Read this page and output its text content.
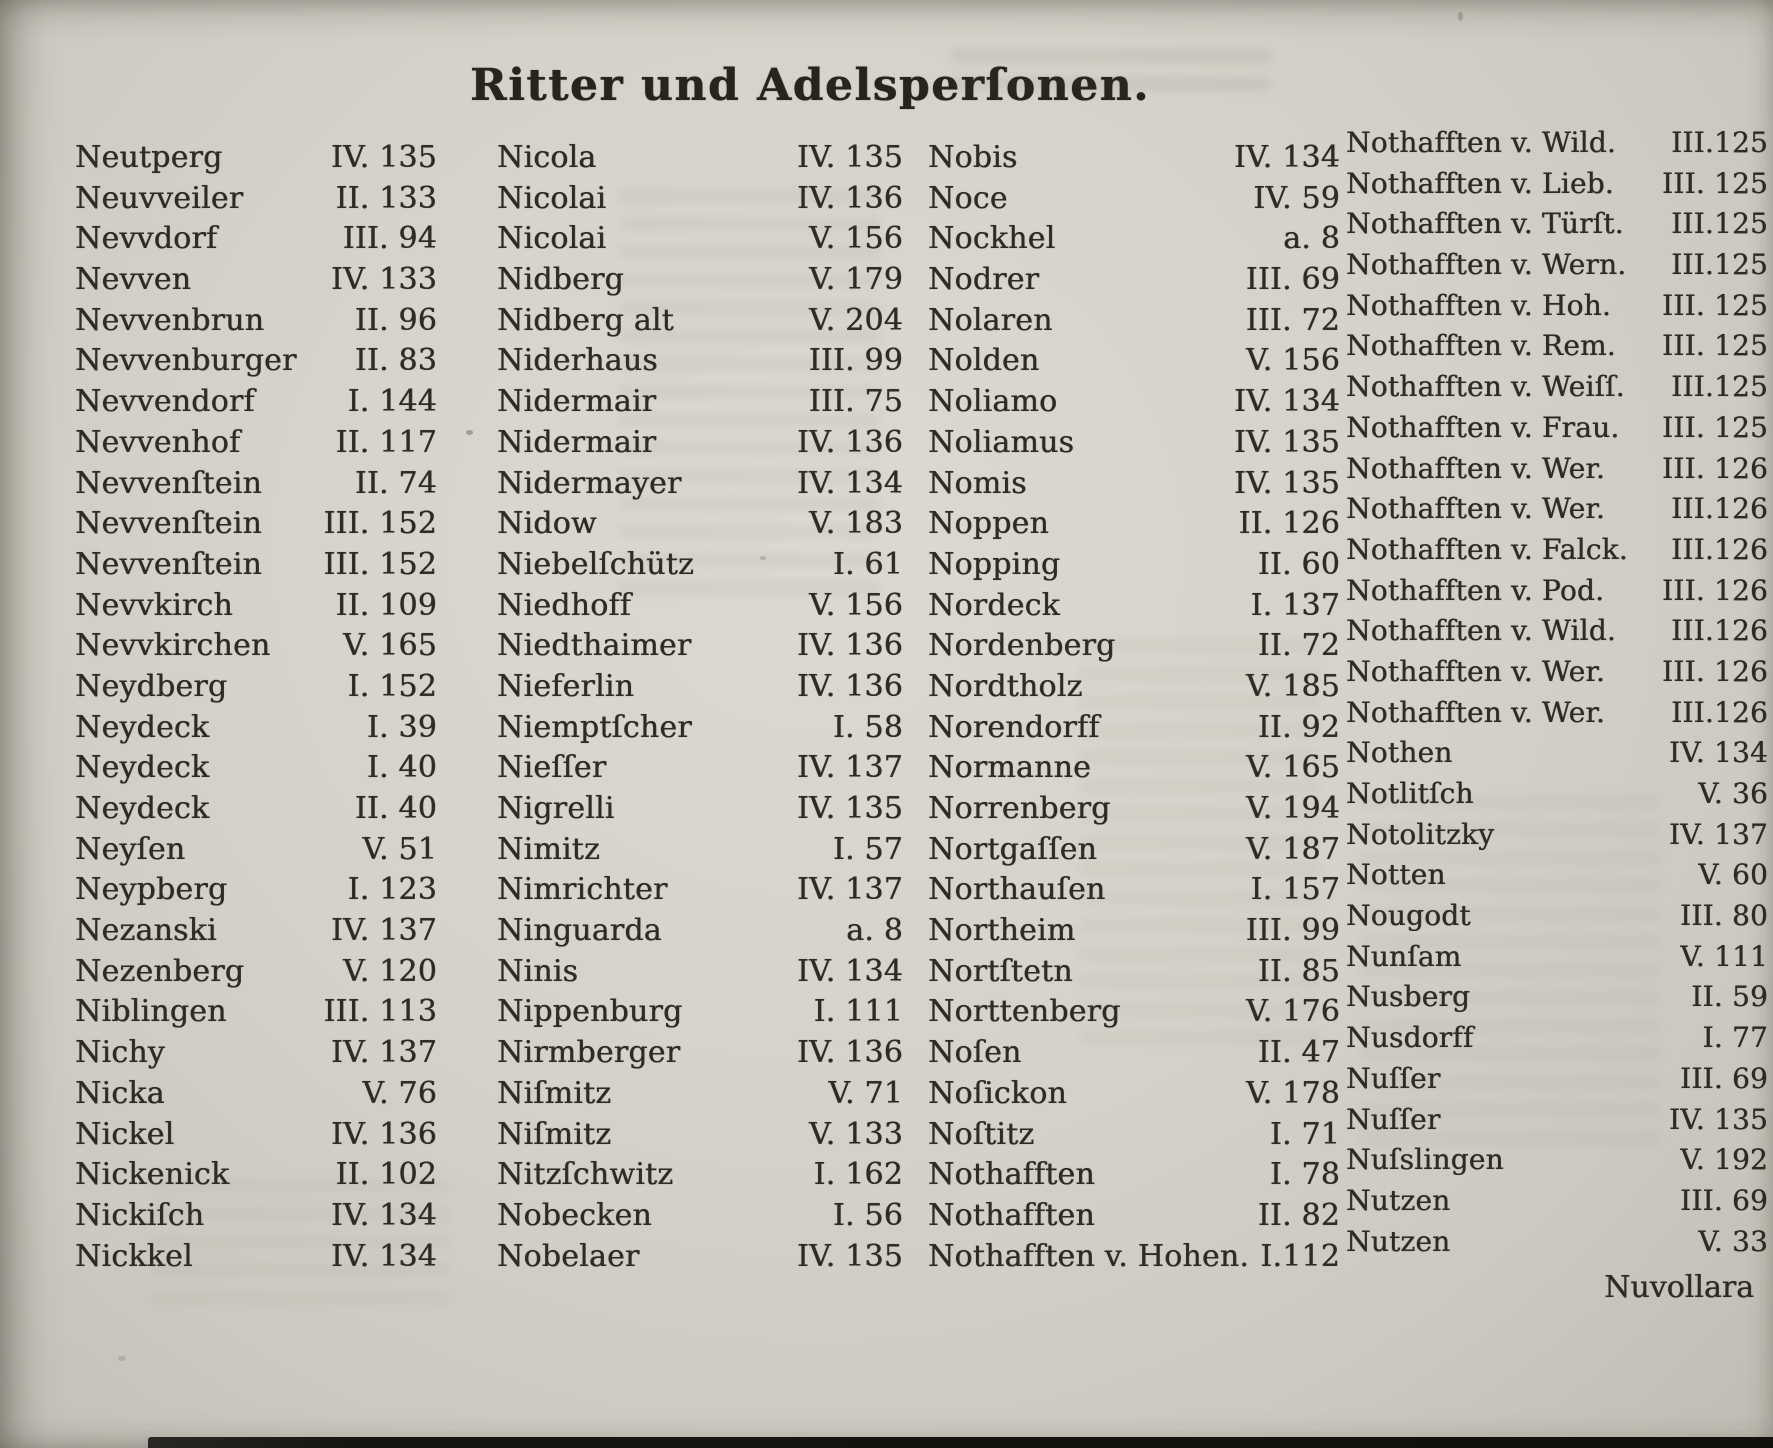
Ritter und Adelsperſonen.
Neutperg	IV. 135
Neuvveiler	II. 133
Nevvdorf	III. 94
Nevven	IV. 133
Nevvenbrun	II. 96
Nevvenburger II. 83
Nevvendorf	I. 144
Nevvenhof	II. 117
Nevvenſtein	II. 74
Nevvenſtein III. 152
Nevvenſtein III. 152
Nevvkirch	II. 109
Nevvkirchen V. 165
Neydberg	I. 152
Neydeck	I. 39
Neydeck	I. 40
Neydeck	II. 40
Neyſen	V. 51
Neypberg	I. 123
Nezanski	IV. 137
Nezenberg	V. 120
Niblingen	III. 113
Nichy	IV. 137
Nicka	V. 76
Nickel	IV. 136
Nickenick	II. 102
Nickiſch	IV. 134
Nickkel	IV. 134
Nicola	IV. 135
Nicolai	IV. 136
Nicolai	V. 156
Nidberg	V. 179
Nidberg alt	V. 204
Niderhaus	III. 99
Nidermair	III. 75
Nidermair	IV. 136
Nidermayer	IV. 134
Nidow	V. 183
Niebelſchütz	I. 61
Niedhoff	V. 156
Niedthaimer	IV. 136
Nieferlin	IV. 136
Niemptſcher	I. 58
Nieſſer	IV. 137
Nigrelli	IV. 135
Nimitz	I. 57
Nimrichter	IV. 137
Ninguarda	a. 8
Ninis	IV. 134
Nippenburg	I. 111
Nirmberger	IV. 136
Niſmitz	V. 71
Niſmitz	V. 133
Nitzſchwitz	I. 162
Nobecken	I. 56
Nobelaer	IV. 135
Nobis	IV. 134
Noce	IV. 59
Nockhel	a. 8
Nodrer	III. 69
Nolaren	III. 72
Nolden	V. 156
Noliamo	IV. 134
Noliamus	IV. 135
Nomis	IV. 135
Noppen	II. 126
Nopping	II. 60
Nordeck	I. 137
Nordenberg	II. 72
Nordtholz	V. 185
Norendorff	II. 92
Normanne	V. 165
Norrenberg	V. 194
Nortgaſſen	V. 187
Northauſen	I. 157
Northeim	III. 99
Nortſtetn	II. 85
Norttenberg	V. 176
Noſen	II. 47
Noſickon	V. 178
Noſtitz	I. 71
Nothafften	I. 78
Nothafften	II. 82
Nothafften v. Hohen. I.112
Nothafften v. Wild. III.125
Nothafften v. Lieb. III. 125
Nothafften v. Türſt. III.125
Nothafften v. Wern. III.125
Nothafften v. Hoh. III. 125
Nothafften v. Rem. III. 125
Nothafften v. Weiſſ. III.125
Nothafften v. Frau. III. 125
Nothafften v. Wer. III. 126
Nothafften v. Wer. III.126
Nothafften v. Falck. III.126
Nothafften v. Pod. III. 126
Nothafften v. Wild. III.126
Nothafften v. Wer. III. 126
Nothafften v. Wer. III.126
Nothen	IV. 134
Notlitſch	V. 36
Notolitzky	IV. 137
Notten	V. 60
Nougodt	III. 80
Nunſam	V. 111
Nusberg	II. 59
Nusdorff	I. 77
Nuſſer	III. 69
Nuſſer	IV. 135
Nuſslingen	V. 192
Nutzen	III. 69
Nutzen	V. 33
Nuvollara
